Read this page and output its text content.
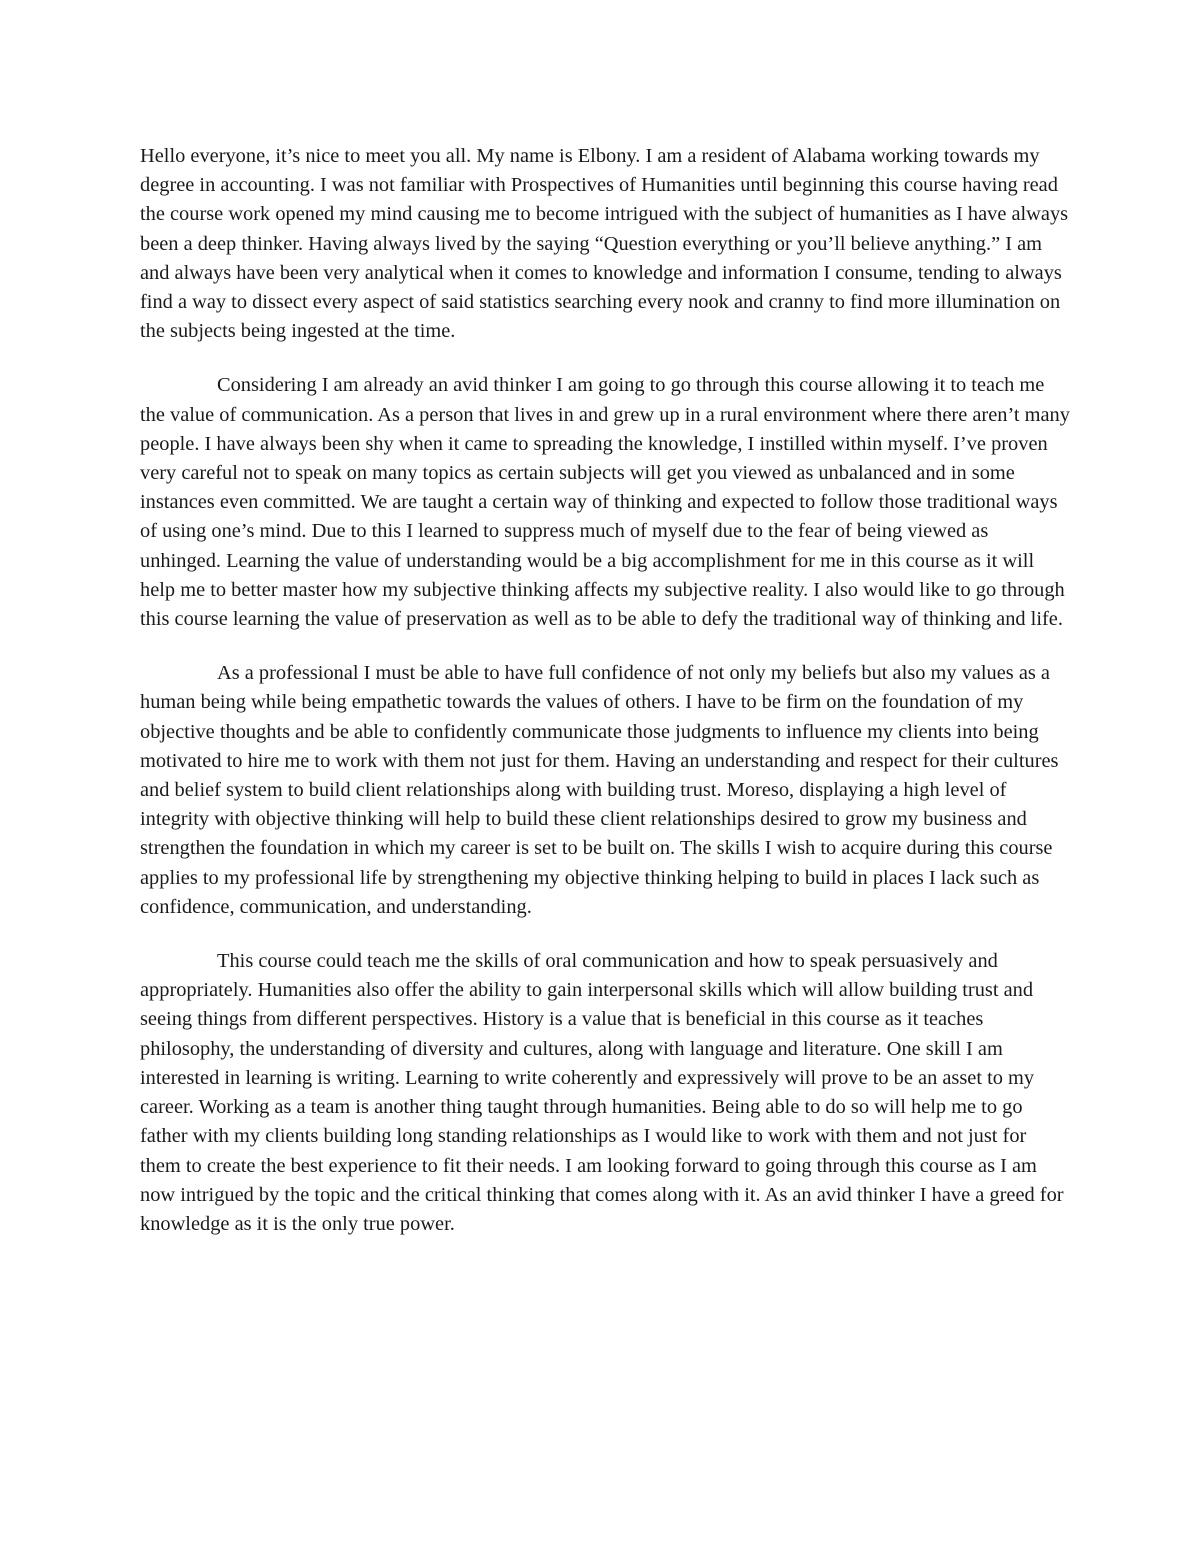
Hello everyone, it’s nice to meet you all. My name is Elbony. I am a resident of Alabama working towards my degree in accounting. I was not familiar with Prospectives of Humanities until beginning this course having read the course work opened my mind causing me to become intrigued with the subject of humanities as I have always been a deep thinker. Having always lived by the saying “Question everything or you’ll believe anything.” I am and always have been very analytical when it comes to knowledge and information I consume, tending to always find a way to dissect every aspect of said statistics searching every nook and cranny to find more illumination on the subjects being ingested at the time.

Considering I am already an avid thinker I am going to go through this course allowing it to teach me the value of communication. As a person that lives in and grew up in a rural environment where there aren’t many people. I have always been shy when it came to spreading the knowledge, I instilled within myself. I’ve proven very careful not to speak on many topics as certain subjects will get you viewed as unbalanced and in some instances even committed. We are taught a certain way of thinking and expected to follow those traditional ways of using one’s mind. Due to this I learned to suppress much of myself due to the fear of being viewed as unhinged. Learning the value of understanding would be a big accomplishment for me in this course as it will help me to better master how my subjective thinking affects my subjective reality. I also would like to go through this course learning the value of preservation as well as to be able to defy the traditional way of thinking and life.

As a professional I must be able to have full confidence of not only my beliefs but also my values as a human being while being empathetic towards the values of others. I have to be firm on the foundation of my objective thoughts and be able to confidently communicate those judgments to influence my clients into being motivated to hire me to work with them not just for them. Having an understanding and respect for their cultures and belief system to build client relationships along with building trust. Moreso, displaying a high level of integrity with objective thinking will help to build these client relationships desired to grow my business and strengthen the foundation in which my career is set to be built on. The skills I wish to acquire during this course applies to my professional life by strengthening my objective thinking helping to build in places I lack such as confidence, communication, and understanding.

This course could teach me the skills of oral communication and how to speak persuasively and appropriately. Humanities also offer the ability to gain interpersonal skills which will allow building trust and seeing things from different perspectives. History is a value that is beneficial in this course as it teaches philosophy, the understanding of diversity and cultures, along with language and literature. One skill I am interested in learning is writing. Learning to write coherently and expressively will prove to be an asset to my career. Working as a team is another thing taught through humanities. Being able to do so will help me to go father with my clients building long standing relationships as I would like to work with them and not just for them to create the best experience to fit their needs. I am looking forward to going through this course as I am now intrigued by the topic and the critical thinking that comes along with it. As an avid thinker I have a greed for knowledge as it is the only true power.
